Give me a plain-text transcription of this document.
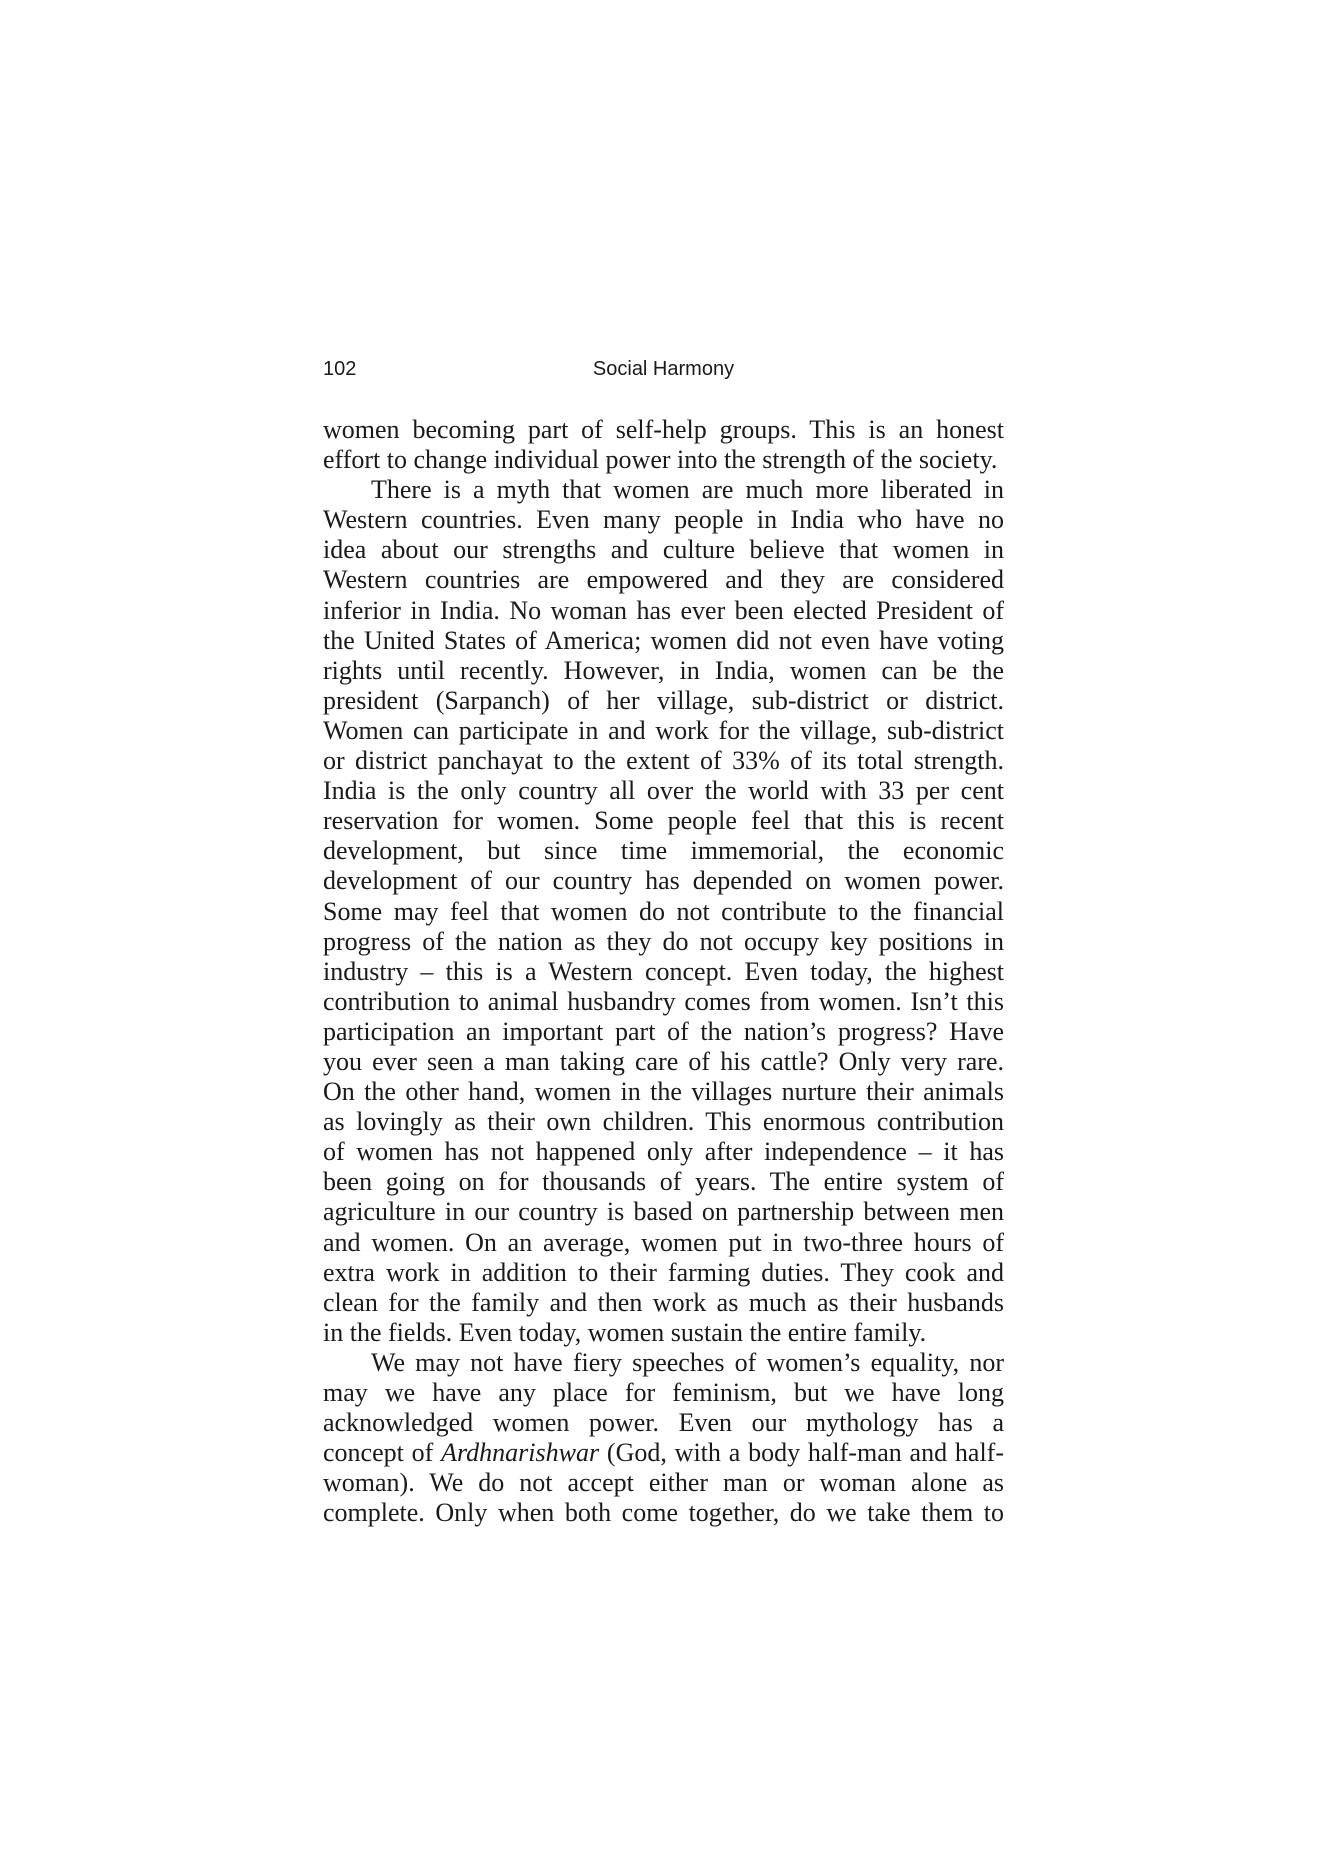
102	Social Harmony
women becoming part of self-help groups. This is an honest
effort to change individual power into the strength of the society.
There is a myth that women are much more liberated in
Western countries. Even many people in India who have no
idea about our strengths and culture believe that women in
Western countries are empowered and they are considered
inferior in India. No woman has ever been elected President of
the United States of America; women did not even have voting
rights until recently. However, in India, women can be the
president (Sarpanch) of her village, sub-district or district.
Women can participate in and work for the village, sub-district
or district panchayat to the extent of 33% of its total strength.
India is the only country all over the world with 33 per cent
reservation for women. Some people feel that this is recent
development, but since time immemorial, the economic
development of our country has depended on women power.
Some may feel that women do not contribute to the financial
progress of the nation as they do not occupy key positions in
industry – this is a Western concept. Even today, the highest
contribution to animal husbandry comes from women. Isn’t this
participation an important part of the nation’s progress? Have
you ever seen a man taking care of his cattle? Only very rare.
On the other hand, women in the villages nurture their animals
as lovingly as their own children. This enormous contribution
of women has not happened only after independence – it has
been going on for thousands of years. The entire system of
agriculture in our country is based on partnership between men
and women. On an average, women put in two-three hours of
extra work in addition to their farming duties. They cook and
clean for the family and then work as much as their husbands
in the fields. Even today, women sustain the entire family.
We may not have fiery speeches of women’s equality, nor
may we have any place for feminism, but we have long
acknowledged women power. Even our mythology has a
concept of Ardhnarishwar (God, with a body half-man and half-
woman). We do not accept either man or woman alone as
complete. Only when both come together, do we take them to
